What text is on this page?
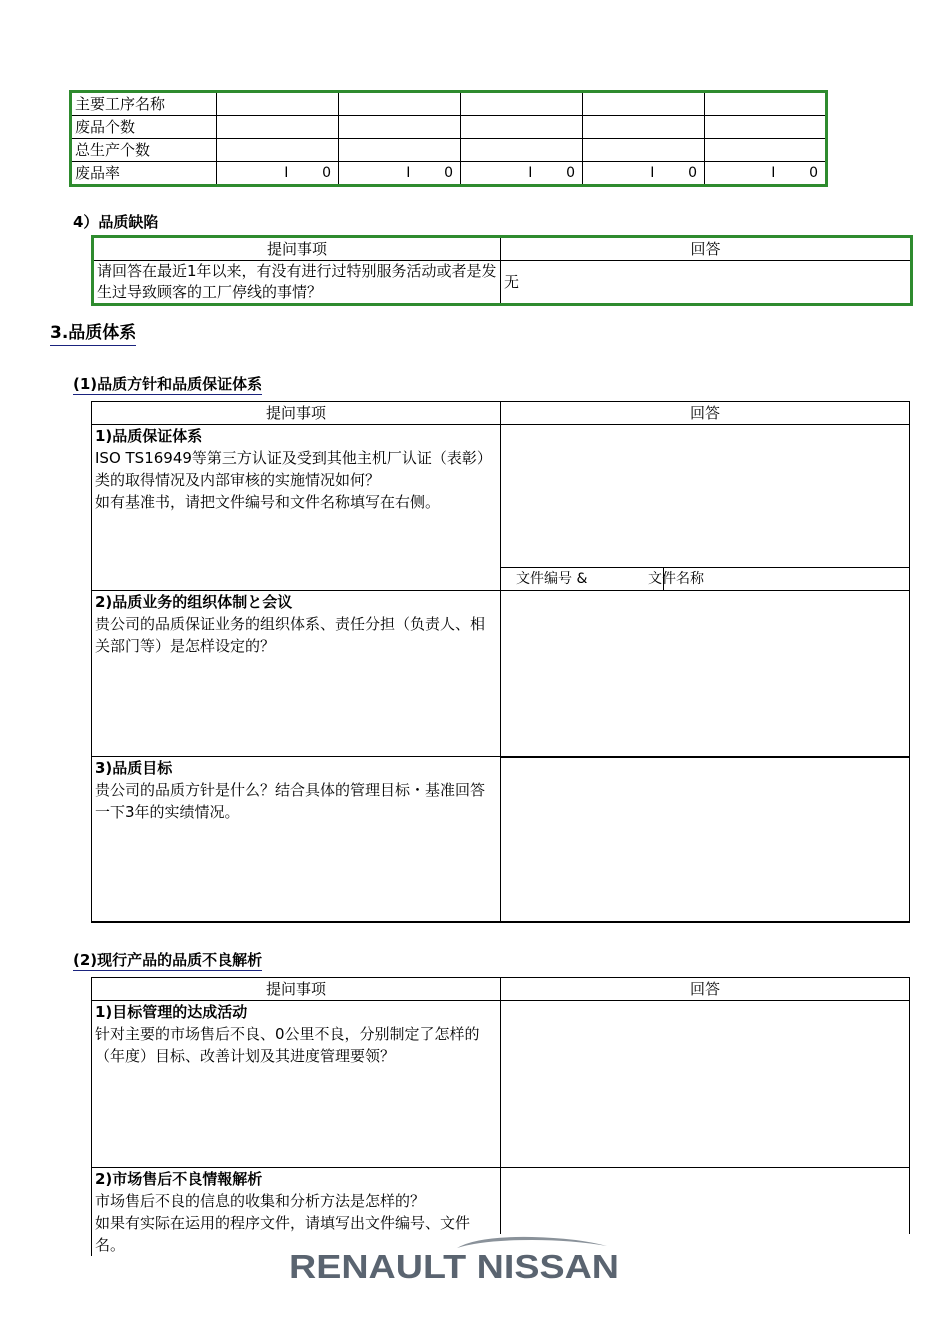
主要工序名称					
废品个数					
总生产个数					
废品率	I      0	I      0	I      0	I      0	I      0
4）品质缺陷
提问事项	回答
请回答在最近1年以来，有没有进行过特别服务活动或者是发生过导致顾客的工厂停线的事情？	无
3.品质体系
(1)品质方针和品质保证体系
提问事项	回答	

1)品质保证体系
ISO TS16949等第三方认证及受到其他主机厂认证（表彰）类的取得情况及内部审核的实施情况如何？
如有基准书，请把文件编号和文件名称填写在右侧。		

	文件编号 &	文件名称

2)品质业务的组织体制と会议
贵公司的品质保证业务的组织体系、责任分担（负责人、相关部门等）是怎样设定的？		

3)品质目标
贵公司的品质方针是什么？结合具体的管理目标・基准回答一下3年的实绩情况。		
(2)现行产品的品质不良解析
提问事项	回答

1)目标管理的达成活动
针对主要的市场售后不良、0公里不良，分别制定了怎样的（年度）目标、改善计划及其进度管理要领？	

2)市场售后不良情報解析
市场售后不良的信息的收集和分析方法是怎样的？
如果有实际在运用的程序文件，请填写出文件编号、文件名。	

RENAULT NISSAN
